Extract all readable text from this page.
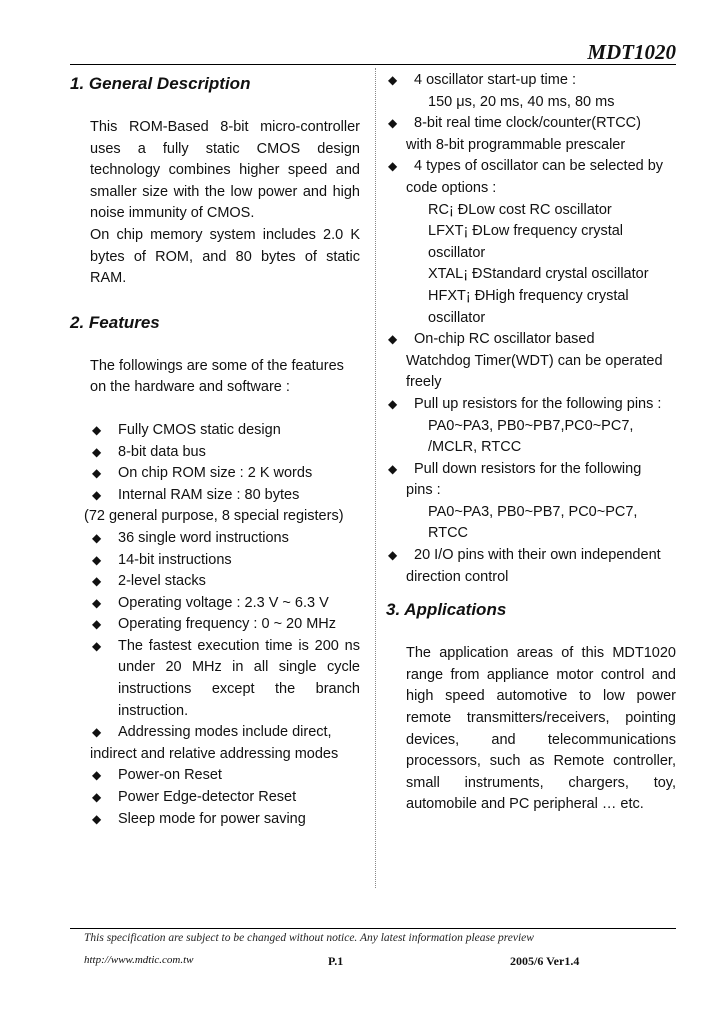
MDT1020
1. General Description
This ROM-Based 8-bit micro-controller uses a fully static CMOS design technology combines higher speed and smaller size with the low power and high noise immunity of CMOS.
On chip memory system includes 2.0 K bytes of ROM, and 80 bytes of static RAM.
2. Features
The followings are some of the features on the hardware and software :
◆	Fully CMOS static design
◆	8-bit data bus
◆	On chip ROM size : 2 K words
◆	Internal RAM size : 80 bytes
(72 general purpose, 8 special registers)
◆	36 single word instructions
◆	14-bit instructions
◆	2-level stacks
◆	Operating voltage : 2.3 V ~ 6.3 V
◆	Operating frequency : 0 ~ 20 MHz
◆	The fastest execution time is 200 ns under 20 MHz in all single cycle instructions except the branch instruction.
◆	Addressing modes include direct,
indirect and relative addressing modes
◆	Power-on Reset
◆	Power Edge-detector Reset
◆	Sleep mode for power saving
◆	4 oscillator start-up time :
150 μs, 20 ms, 40 ms, 80 ms
◆	8-bit real time clock/counter(RTCC)
with 8-bit programmable prescaler
◆	4 types of oscillator can be selected by
code options :
RC¡ ÐLow cost RC oscillator
LFXT¡ ÐLow frequency crystal oscillator
XTAL¡ ÐStandard crystal oscillator
HFXT¡ ÐHigh frequency crystal
oscillator
◆	On-chip RC oscillator based
Watchdog Timer(WDT) can be operated
freely
◆	Pull up resistors for the following pins :
PA0~PA3, PB0~PB7,PC0~PC7,
/MCLR, RTCC
◆	Pull down resistors for the following
pins :
PA0~PA3, PB0~PB7, PC0~PC7,
RTCC
◆	20 I/O pins with their own independent
direction control
3. Applications
The application areas of this MDT1020 range from appliance motor control and high speed automotive to low power remote transmitters/receivers, pointing devices, and telecommunications processors, such as Remote controller, small instruments, chargers, toy, automobile and PC peripheral … etc.
This specification are subject to be changed without notice. Any latest information please preview
http://www.mdtic.com.tw	P.1	2005/6 Ver1.4
